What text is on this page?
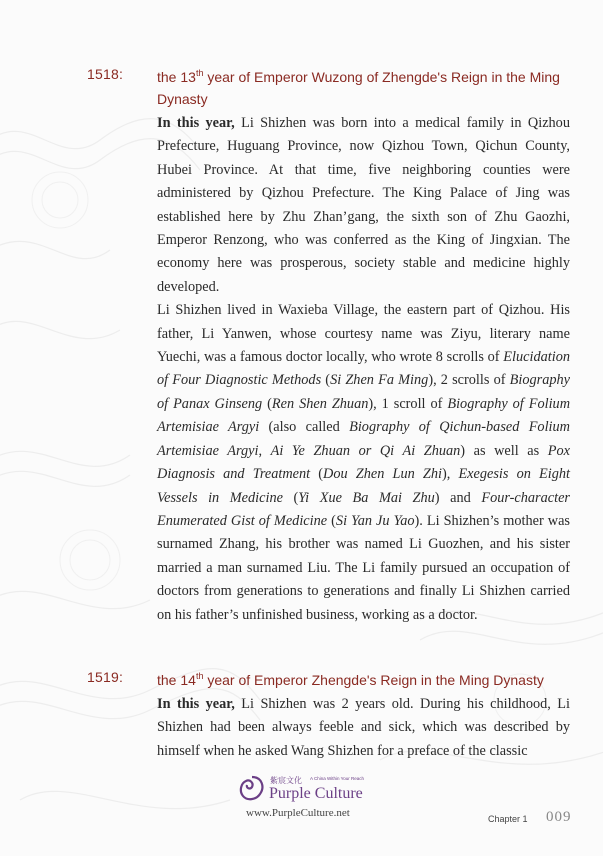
1518: the 13th year of Emperor Wuzong of Zhengde's Reign in the Ming Dynasty

In this year, Li Shizhen was born into a medical family in Qizhou Prefecture, Huguang Province, now Qizhou Town, Qichun County, Hubei Province. At that time, five neighboring counties were administered by Qizhou Prefecture. The King Palace of Jing was established here by Zhu Zhan’gang, the sixth son of Zhu Gaozhi, Emperor Renzong, who was conferred as the King of Jingxian. The economy here was prosperous, society stable and medicine highly developed.

Li Shizhen lived in Waxieba Village, the eastern part of Qizhou. His father, Li Yanwen, whose courtesy name was Ziyu, literary name Yuechi, was a famous doctor locally, who wrote 8 scrolls of Elucidation of Four Diagnostic Methods (Si Zhen Fa Ming), 2 scrolls of Biography of Panax Ginseng (Ren Shen Zhuan), 1 scroll of Biography of Folium Artemisiae Argyi (also called Biography of Qichun-based Folium Artemisiae Argyi, Ai Ye Zhuan or Qi Ai Zhuan) as well as Pox Diagnosis and Treatment (Dou Zhen Lun Zhi), Exegesis on Eight Vessels in Medicine (Yi Xue Ba Mai Zhu) and Four-character Enumerated Gist of Medicine (Si Yan Ju Yao). Li Shizhen’s mother was surnamed Zhang, his brother was named Li Guozhen, and his sister married a man surnamed Liu. The Li family pursued an occupation of doctors from generations to generations and finally Li Shizhen carried on his father’s unfinished business, working as a doctor.

1519: the 14th year of Emperor Zhengde's Reign in the Ming Dynasty

In this year, Li Shizhen was 2 years old. During his childhood, Li Shizhen had been always feeble and sick, which was described by himself when he asked Wang Shizhen for a preface of the classic

紫宸文化 A China Within Your Reach
Purple Culture
www.PurpleCulture.net	Chapter 1 009
